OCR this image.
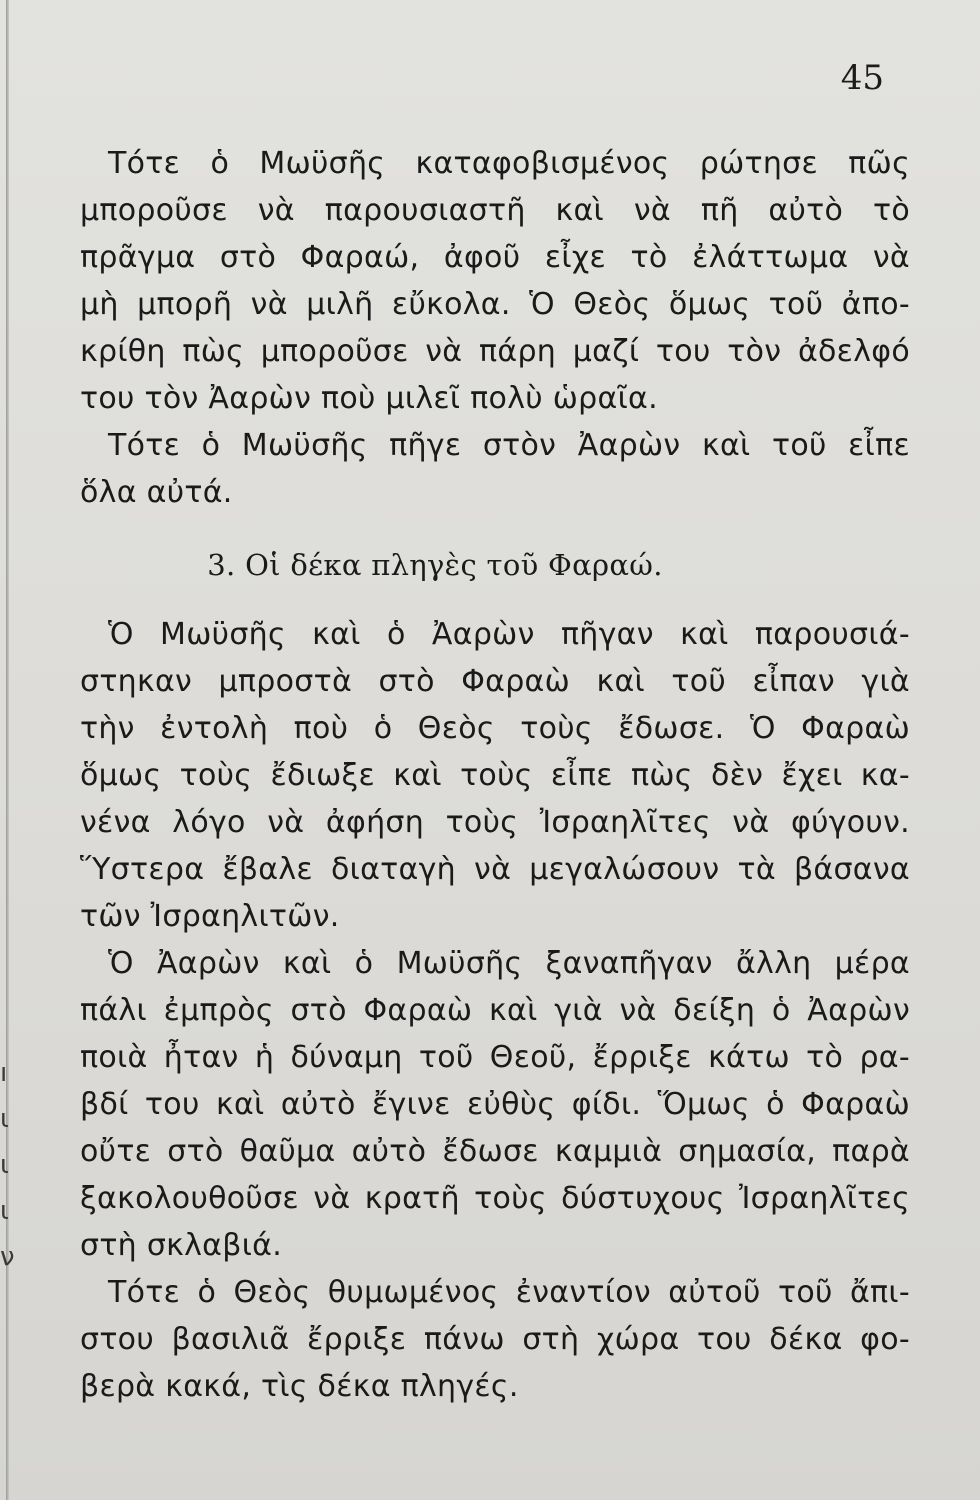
ı
ι
ι
ι
ν
45
Τότε ὁ Μωϋσῆς καταφοβισμένος ρώτησε πῶς
μποροῦσε νὰ παρουσιαστῆ καὶ νὰ πῆ αὐτὸ τὸ
πρᾶγμα στὸ Φαραώ, ἀφοῦ εἶχε τὸ ἐλάττωμα νὰ
μὴ μπορῆ νὰ μιλῆ εὔκολα. Ὁ Θεὸς ὅμως τοῦ ἀπο-
κρίθη πὼς μποροῦσε νὰ πάρη μαζί του τὸν ἀδελφό
του τὸν Ἀαρὼν ποὺ μιλεῖ πολὺ ὡραῖα.
Τότε ὁ Μωϋσῆς πῆγε στὸν Ἀαρὼν καὶ τοῦ εἶπε
ὅλα αὐτά.
3. Οἱ δέκα πληγὲς τοῦ Φαραώ.
Ὁ Μωϋσῆς καὶ ὁ Ἀαρὼν πῆγαν καὶ παρουσιά-
στηκαν μπροστὰ στὸ Φαραὼ καὶ τοῦ εἶπαν γιὰ
τὴν ἐντολὴ ποὺ ὁ Θεὸς τοὺς ἔδωσε. Ὁ Φαραὼ
ὅμως τοὺς ἔδιωξε καὶ τοὺς εἶπε πὼς δὲν ἔχει κα-
νένα λόγο νὰ ἀφήση τοὺς Ἰσραηλῖτες νὰ φύγουν.
Ὕστερα ἔβαλε διαταγὴ νὰ μεγαλώσουν τὰ βάσανα
τῶν Ἰσραηλιτῶν.
Ὁ Ἀαρὼν καὶ ὁ Μωϋσῆς ξαναπῆγαν ἄλλη μέρα
πάλι ἐμπρὸς στὸ Φαραὼ καὶ γιὰ νὰ δείξη ὁ Ἀαρὼν
ποιὰ ἦταν ἡ δύναμη τοῦ Θεοῦ, ἔρριξε κάτω τὸ ρα-
βδί του καὶ αὐτὸ ἔγινε εὐθὺς φίδι. Ὅμως ὁ Φαραὼ
οὔτε στὸ θαῦμα αὐτὸ ἔδωσε καμμιὰ σημασία, παρὰ
ξακολουθοῦσε νὰ κρατῆ τοὺς δύστυχους Ἰσραηλῖτες
στὴ σκλαβιά.
Τότε ὁ Θεὸς θυμωμένος ἐναντίον αὐτοῦ τοῦ ἄπι-
στου βασιλιᾶ ἔρριξε πάνω στὴ χώρα του δέκα φο-
βερὰ κακά, τὶς δέκα πληγές.
